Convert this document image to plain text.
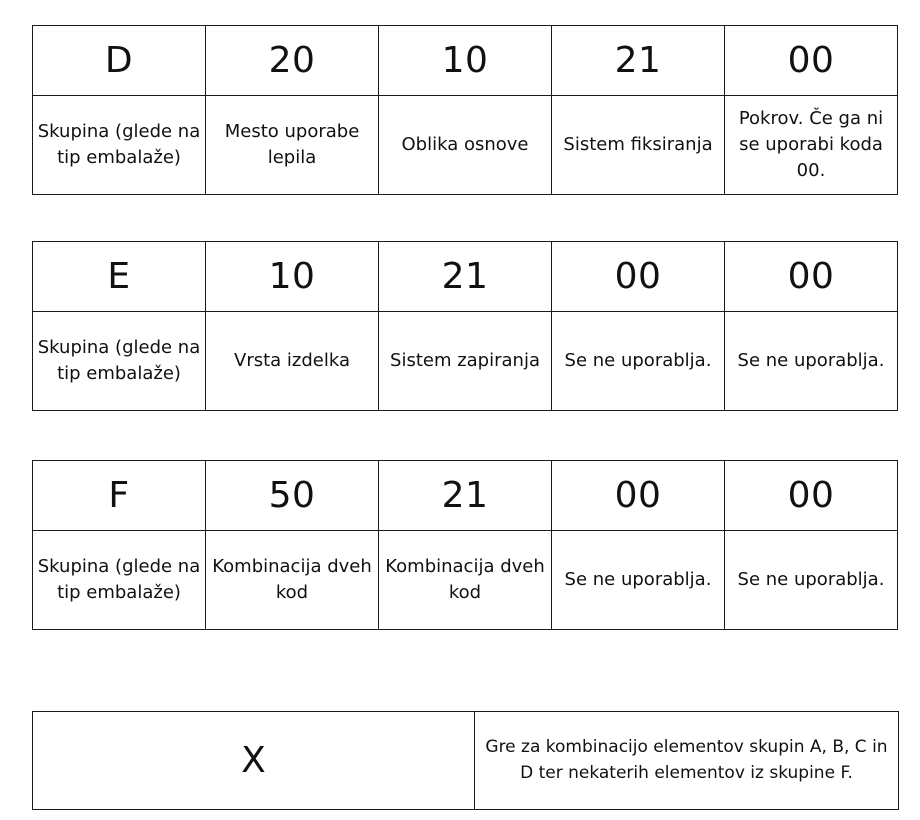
D	20	10	21	00
Skupina (glede na tip embalaže)	Mesto uporabe lepila	Oblika osnove	Sistem fiksiranja	Pokrov. Če ga ni se uporabi koda 00.
E	10	21	00	00
Skupina (glede na tip embalaže)	Vrsta izdelka	Sistem zapiranja	Se ne uporablja.	Se ne uporablja.
F	50	21	00	00
Skupina (glede na tip embalaže)	Kombinacija dveh kod	Kombinacija dveh kod	Se ne uporablja.	Se ne uporablja.
X	Gre za kombinacijo elementov skupin A, B, C in D ter nekaterih elementov iz skupine F.
